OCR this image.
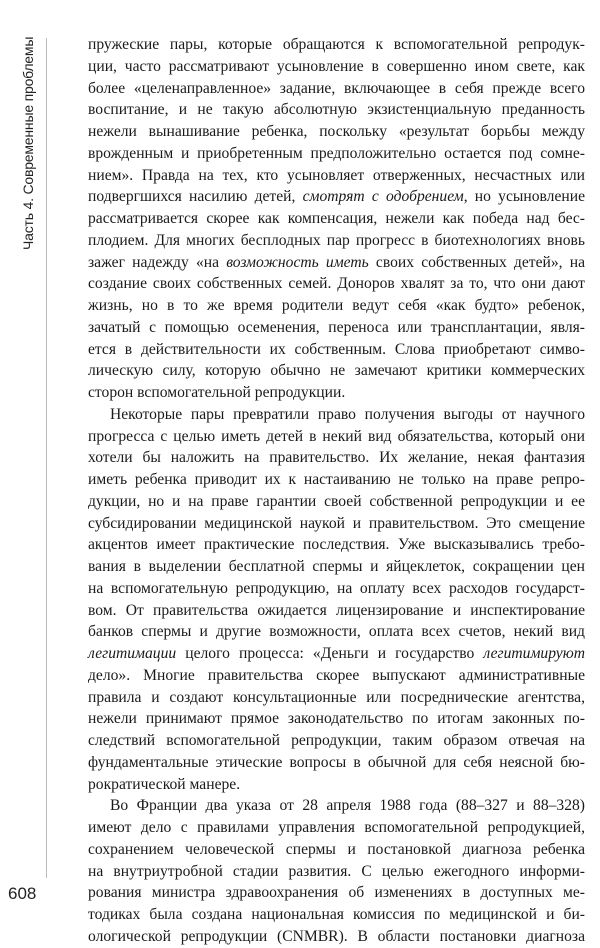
Часть 4. Современные проблемы	пружеские пары, которые обращаются к вспомогательной репродук-
ции, часто рассматривают усыновление в совершенно ином свете, как
более «целенаправленное» задание, включающее в себя прежде всего
воспитание, и не такую абсолютную экзистенциальную преданность
нежели вынашивание ребенка, поскольку «результат борьбы между
врожденным и приобретенным предположительно остается под сомне-
нием». Правда на тех, кто усыновляет отверженных, несчастных или
подвергшихся насилию детей, смотрят с одобрением, но усыновление
рассматривается скорее как компенсация, нежели как победа над бес-
плодием. Для многих бесплодных пар прогресс в биотехнологиях вновь
зажег надежду «на возможность иметь своих собственных детей», на
создание своих собственных семей. Доноров хвалят за то, что они дают
жизнь, но в то же время родители ведут себя «как будто» ребенок,
зачатый с помощью осеменения, переноса или трансплантации, явля-
ется в действительности их собственным. Слова приобретают симво-
лическую силу, которую обычно не замечают критики коммерческих
сторон вспомогательной репродукции.
Некоторые пары превратили право получения выгоды от научного
прогресса с целью иметь детей в некий вид обязательства, который они
хотели бы наложить на правительство. Их желание, некая фантазия
иметь ребенка приводит их к настаиванию не только на праве репро-
дукции, но и на праве гарантии своей собственной репродукции и ее
субсидировании медицинской наукой и правительством. Это смещение
акцентов имеет практические последствия. Уже высказывались требо-
вания в выделении бесплатной спермы и яйцеклеток, сокращении цен
на вспомогательную репродукцию, на оплату всех расходов государст-
вом. От правительства ожидается лицензирование и инспектирование
банков спермы и другие возможности, оплата всех счетов, некий вид
легитимации целого процесса: «Деньги и государство легитимируют
дело». Многие правительства скорее выпускают административные
правила и создают консультационные или посреднические агентства,
нежели принимают прямое законодательство по итогам законных по-
следствий вспомогательной репродукции, таким образом отвечая на
фундаментальные этические вопросы в обычной для себя неясной бю-
рократической манере.
Во Франции два указа от 28 апреля 1988 года (88–327 и 88–328)
имеют дело с правилами управления вспомогательной репродукцией,
сохранением человеческой спермы и постановкой диагноза ребенка
на внутриутробной стадии развития. С целью ежегодного информи-
рования министра здравоохранения об изменениях в доступных ме-
тодиках была создана национальная комиссия по медицинской и би-
ологической репродукции (CNMBR). В области постановки диагноза
608
